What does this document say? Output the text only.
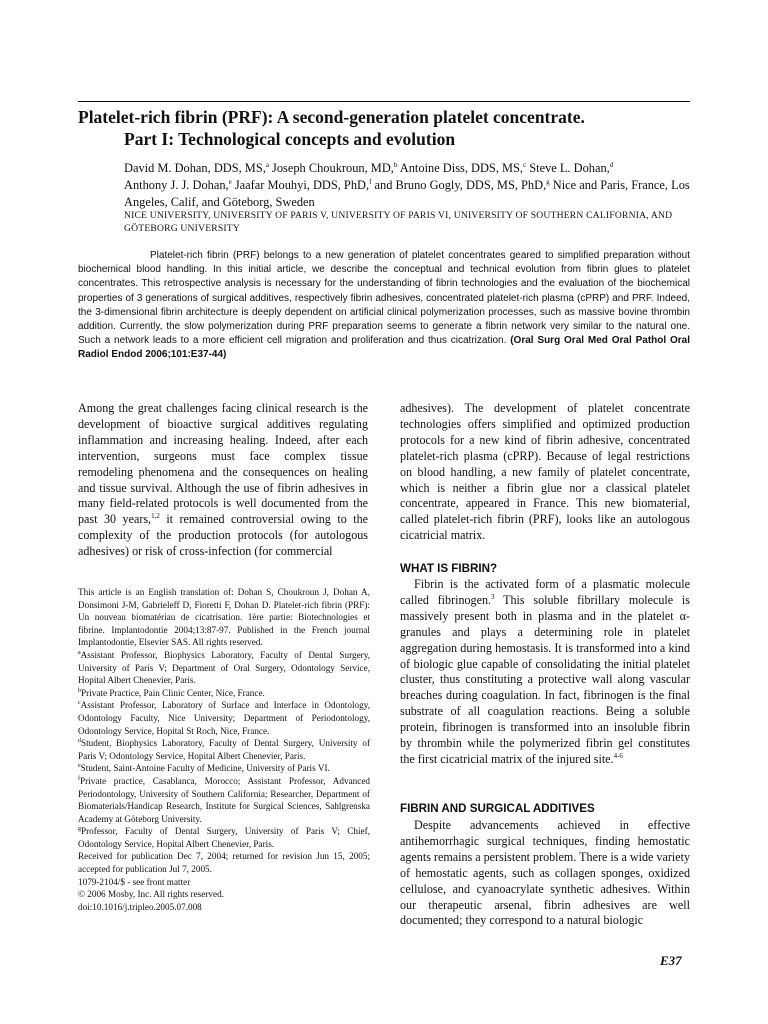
Platelet-rich fibrin (PRF): A second-generation platelet concentrate.
Part I: Technological concepts and evolution
David M. Dohan, DDS, MS,$^a$ Joseph Choukroun, MD,$^b$ Antoine Diss, DDS, MS,$^c$ Steve L. Dohan,$^d$
Anthony J. J. Dohan,$^e$ Jaafar Mouhyi, DDS, PhD,$^f$ and Bruno Gogly, DDS, MS, PhD,$^g$ Nice and Paris, France, Los Angeles, Calif, and Göteborg, Sweden
NICE UNIVERSITY, UNIVERSITY OF PARIS V, UNIVERSITY OF PARIS VI, UNIVERSITY OF SOUTHERN CALIFORNIA, AND GÖTEBORG UNIVERSITY
Platelet-rich fibrin (PRF) belongs to a new generation of platelet concentrates geared to simplified preparation without biochemical blood handling. In this initial article, we describe the conceptual and technical evolution from fibrin glues to platelet concentrates. This retrospective analysis is necessary for the understanding of fibrin technologies and the evaluation of the biochemical properties of 3 generations of surgical additives, respectively fibrin adhesives, concentrated platelet-rich plasma (cPRP) and PRF. Indeed, the 3-dimensional fibrin architecture is deeply dependent on artificial clinical polymerization processes, such as massive bovine thrombin addition. Currently, the slow polymerization during PRF preparation seems to generate a fibrin network very similar to the natural one. Such a network leads to a more efficient cell migration and proliferation and thus cicatrization. (Oral Surg Oral Med Oral Pathol Oral Radiol Endod 2006;101:E37-44)

Among the great challenges facing clinical research is the development of bioactive surgical additives regulating inflammation and increasing healing. Indeed, after each intervention, surgeons must face complex tissue remodeling phenomena and the consequences on healing and tissue survival. Although the use of fibrin adhesives in many field-related protocols is well documented from the past 30 years,$^{1,2}$ it remained controversial owing to the complexity of the production protocols (for autologous adhesives) or risk of cross-infection (for commercial

adhesives). The development of platelet concentrate technologies offers simplified and optimized production protocols for a new kind of fibrin adhesive, concentrated platelet-rich plasma (cPRP). Because of legal restrictions on blood handling, a new family of platelet concentrate, which is neither a fibrin glue nor a classical platelet concentrate, appeared in France. This new biomaterial, called platelet-rich fibrin (PRF), looks like an autologous cicatricial matrix.

WHAT IS FIBRIN?
Fibrin is the activated form of a plasmatic molecule called fibrinogen.$^3$ This soluble fibrillary molecule is massively present both in plasma and in the platelet α-granules and plays a determining role in platelet aggregation during hemostasis. It is transformed into a kind of biologic glue capable of consolidating the initial platelet cluster, thus constituting a protective wall along vascular breaches during coagulation. In fact, fibrinogen is the final substrate of all coagulation reactions. Being a soluble protein, fibrinogen is transformed into an insoluble fibrin by thrombin while the polymerized fibrin gel constitutes the first cicatricial matrix of the injured site.$^{4-6}$
FIBRIN AND SURGICAL ADDITIVES
Despite advancements achieved in effective antihemorrhagic surgical techniques, finding hemostatic agents remains a persistent problem. There is a wide variety of hemostatic agents, such as collagen sponges, oxidized cellulose, and cyanoacrylate synthetic adhesives. Within our therapeutic arsenal, fibrin adhesives are well documented; they correspond to a natural biologic

This article is an English translation of: Dohan S, Choukroun J, Dohan A, Donsimoni J-M, Gabrieleff D, Fioretti F, Dohan D. Platelet-rich fibrin (PRF): Un nouveau biomatériau de cicatrisation. 1ère partie: Biotechnologies et fibrine. Implantodontie 2004;13:87-97. Published in the French journal Implantodontie, Elsevier SAS. All rights reserved.

$^a$Assistant Professor, Biophysics Laboratory, Faculty of Dental Surgery, University of Paris V; Department of Oral Surgery, Odontology Service, Hopital Albert Chenevier, Paris.

$^b$Private Practice, Pain Clinic Center, Nice, France.

$^c$Assistant Professor, Laboratory of Surface and Interface in Odontology, Odontology Faculty, Nice University; Department of Periodontology, Odontology Service, Hopital St Roch, Nice, France.

$^d$Student, Biophysics Laboratory, Faculty of Dental Surgery, University of Paris V; Odontology Service, Hopital Albert Chenevier, Paris.

$^e$Student, Saint-Antoine Faculty of Medicine, University of Paris VI.

$^f$Private practice, Casablanca, Morocco; Assistant Professor, Advanced Periodontology, University of Southern California; Researcher, Department of Biomaterials/Handicap Research, Institute for Surgical Sciences, Sahlgrenska Academy at Göteborg University.

$^g$Professor, Faculty of Dental Surgery, University of Paris V; Chief, Odontology Service, Hopital Albert Chenevier, Paris.

Received for publication Dec 7, 2004; returned for revision Jun 15, 2005; accepted for publication Jul 7, 2005.

1079-2104/$ - see front matter

© 2006 Mosby, Inc. All rights reserved.

doi:10.1016/j.tripleo.2005.07.008

E37
